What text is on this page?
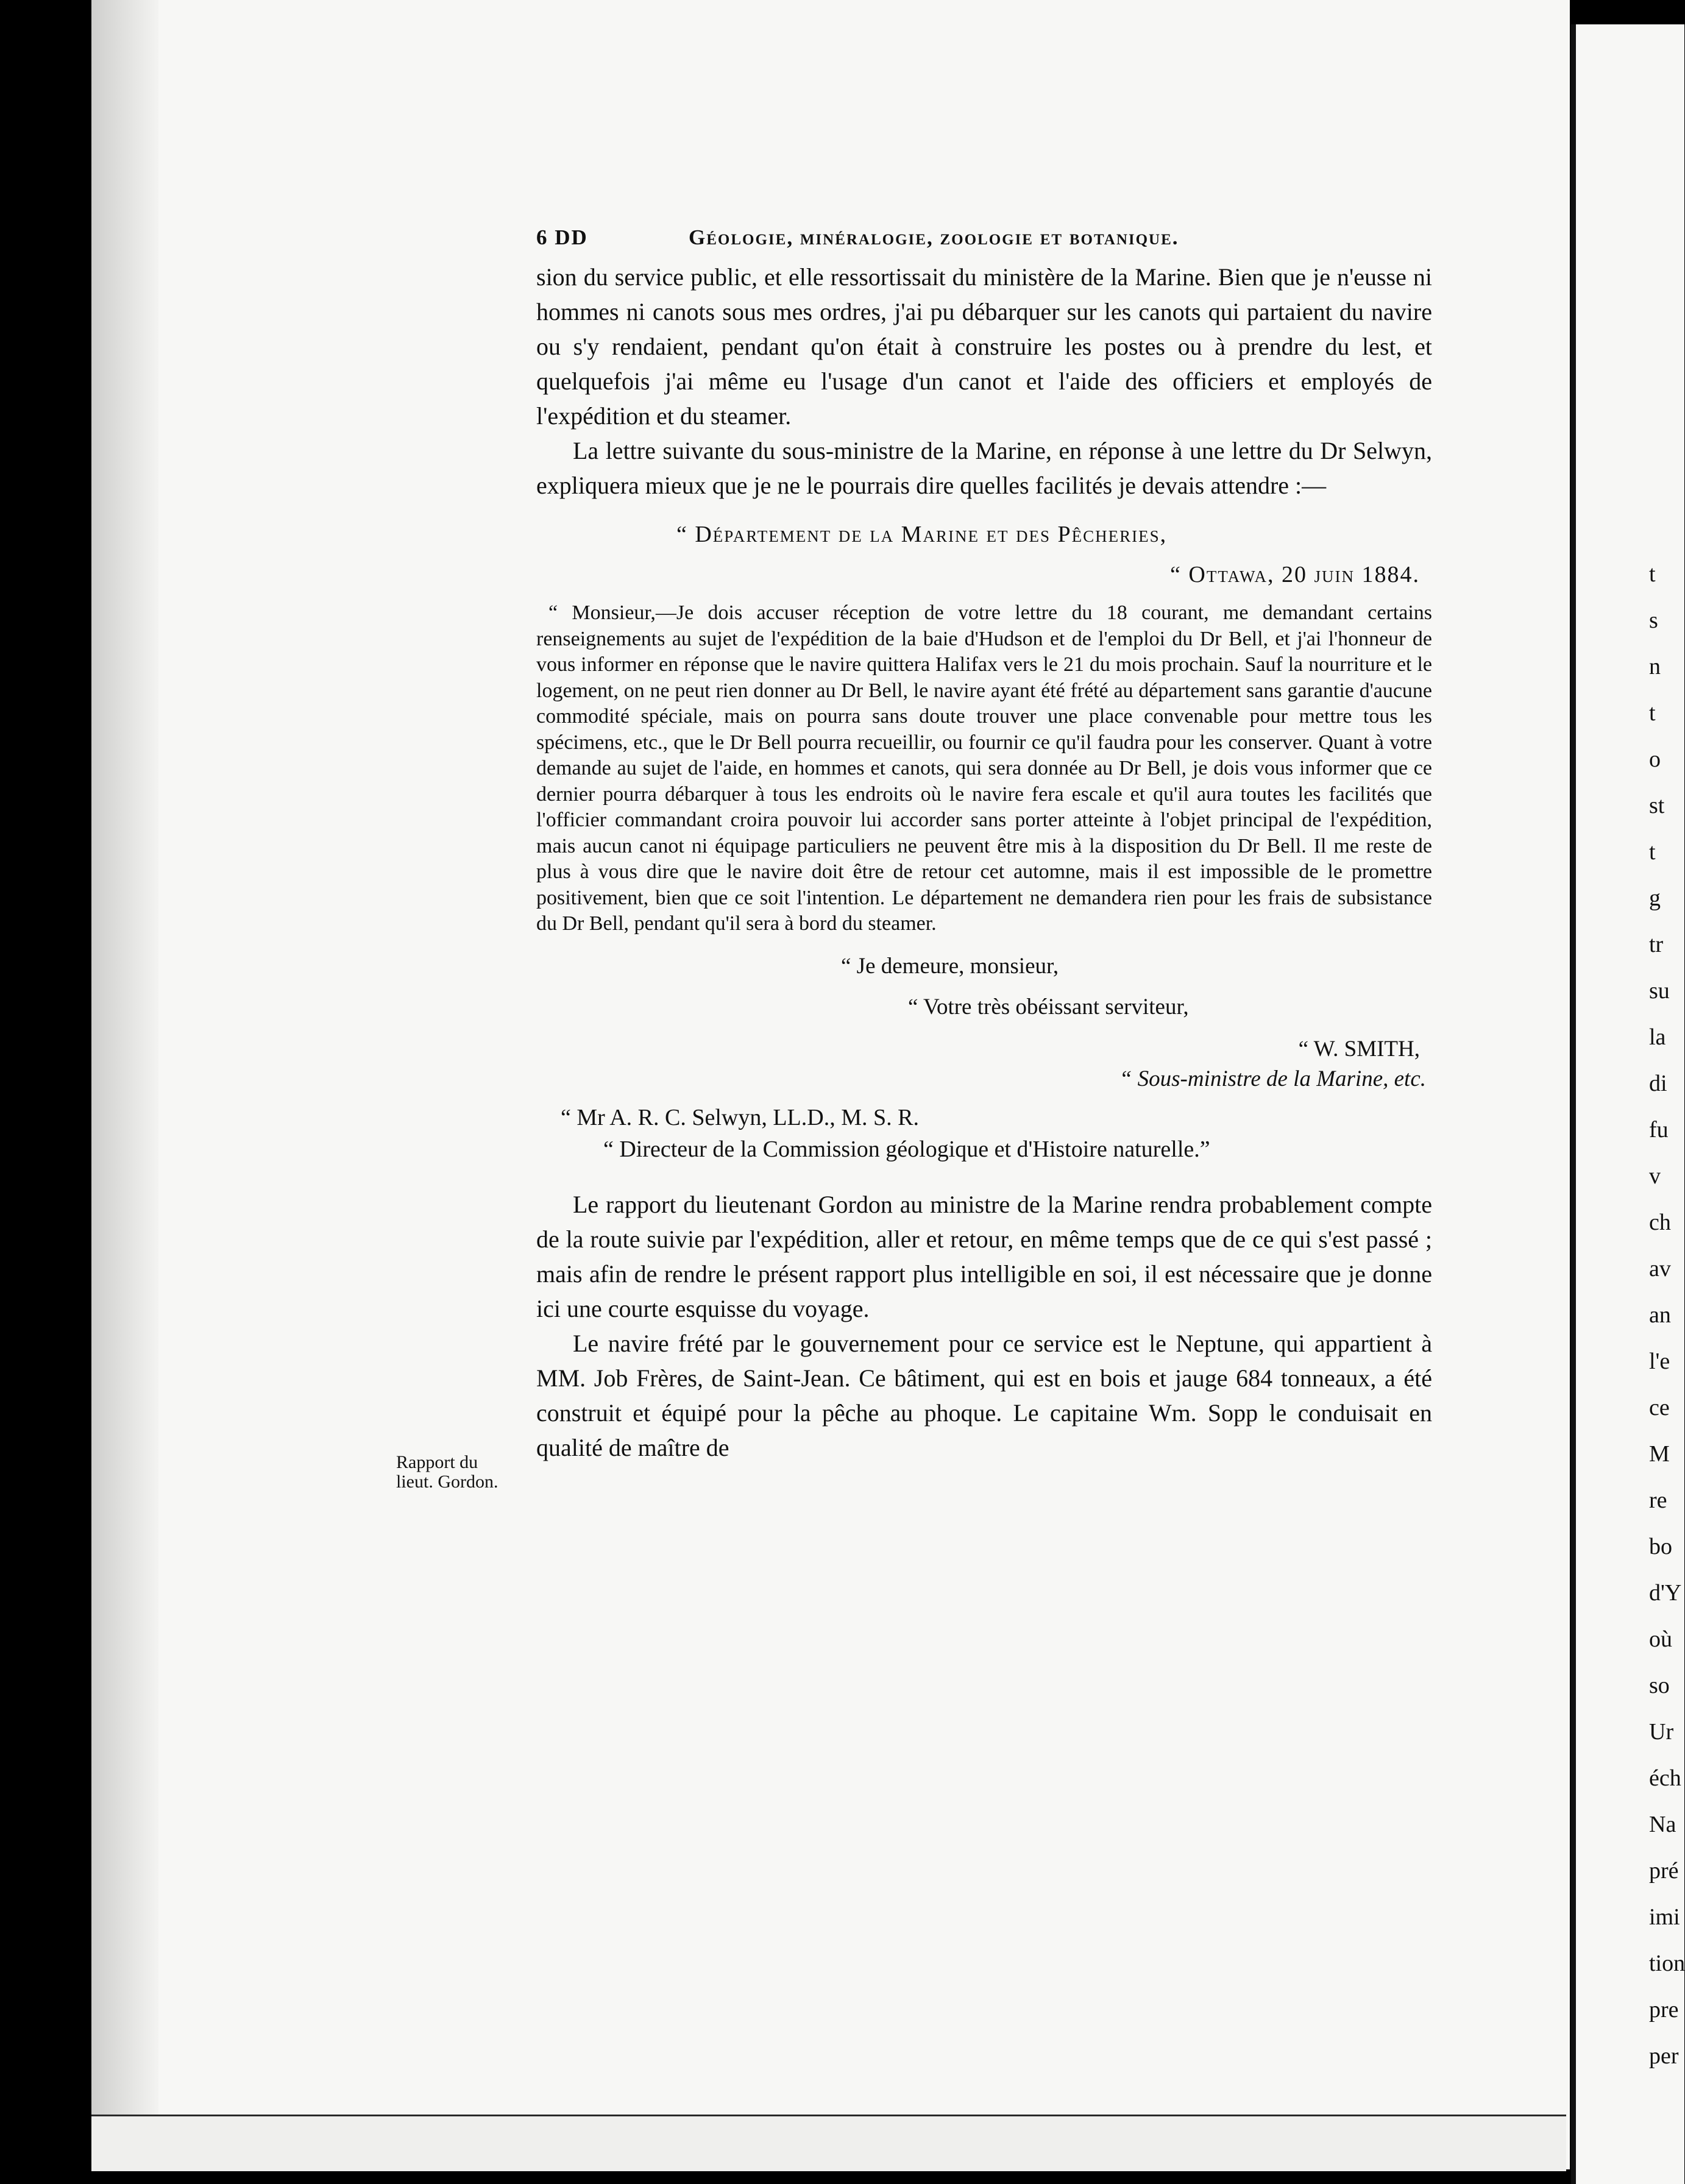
6 DD	Géologie, minéralogie, zoologie et botanique.

sion du service public, et elle ressortissait du ministère de la Marine. Bien que je n'eusse ni hommes ni canots sous mes ordres, j'ai pu débarquer sur les canots qui partaient du navire ou s'y rendaient, pendant qu'on était à construire les postes ou à prendre du lest, et quelquefois j'ai même eu l'usage d'un canot et l'aide des officiers et employés de l'expédition et du steamer.

La lettre suivante du sous-ministre de la Marine, en réponse à une lettre du Dr Selwyn, expliquera mieux que je ne le pourrais dire quelles facilités je devais attendre :—

“ Département de la Marine et des Pêcheries,
“ Ottawa, 20 juin 1884.

“ Monsieur,—Je dois accuser réception de votre lettre du 18 courant, me demandant certains renseignements au sujet de l'expédition de la baie d'Hudson et de l'emploi du Dr Bell, et j'ai l'honneur de vous informer en réponse que le navire quittera Halifax vers le 21 du mois prochain. Sauf la nourriture et le logement, on ne peut rien donner au Dr Bell, le navire ayant été frété au département sans garantie d'aucune commodité spéciale, mais on pourra sans doute trouver une place convenable pour mettre tous les spécimens, etc., que le Dr Bell pourra recueillir, ou fournir ce qu'il faudra pour les conserver. Quant à votre demande au sujet de l'aide, en hommes et canots, qui sera donnée au Dr Bell, je dois vous informer que ce dernier pourra débarquer à tous les endroits où le navire fera escale et qu'il aura toutes les facilités que l'officier commandant croira pouvoir lui accorder sans porter atteinte à l'objet principal de l'expédition, mais aucun canot ni équipage particuliers ne peuvent être mis à la disposition du Dr Bell. Il me reste de plus à vous dire que le navire doit être de retour cet automne, mais il est impossible de le promettre positivement, bien que ce soit l'intention. Le département ne demandera rien pour les frais de subsistance du Dr Bell, pendant qu'il sera à bord du steamer.

“ Je demeure, monsieur,
“ Votre très obéissant serviteur,
“ W. SMITH,
“ Sous-ministre de la Marine, etc.
“ Mr A. R. C. Selwyn, LL.D., M. S. R.
“ Directeur de la Commission géologique et d'Histoire naturelle.”

Le rapport du lieutenant Gordon au ministre de la Marine rendra probablement compte de la route suivie par l'expédition, aller et retour, en même temps que de ce qui s'est passé ; mais afin de rendre le présent rapport plus intelligible en soi, il est nécessaire que je donne ici une courte esquisse du voyage.

Le navire frété par le gouvernement pour ce service est le Neptune, qui appartient à MM. Job Frères, de Saint-Jean. Ce bâtiment, qui est en bois et jauge 684 tonneaux, a été construit et équipé pour la pêche au phoque. Le capitaine Wm. Sopp le conduisait en qualité de maître de

Rapport du lieut. Gordon.
t
s
n
t
o
st
t
g
tr
su
la
di
fu
v
ch
av
an
l'e
ce
M
re
bo
d'Y
où
so
Ur
éch
Na
pré
imi
tion
pre
per
